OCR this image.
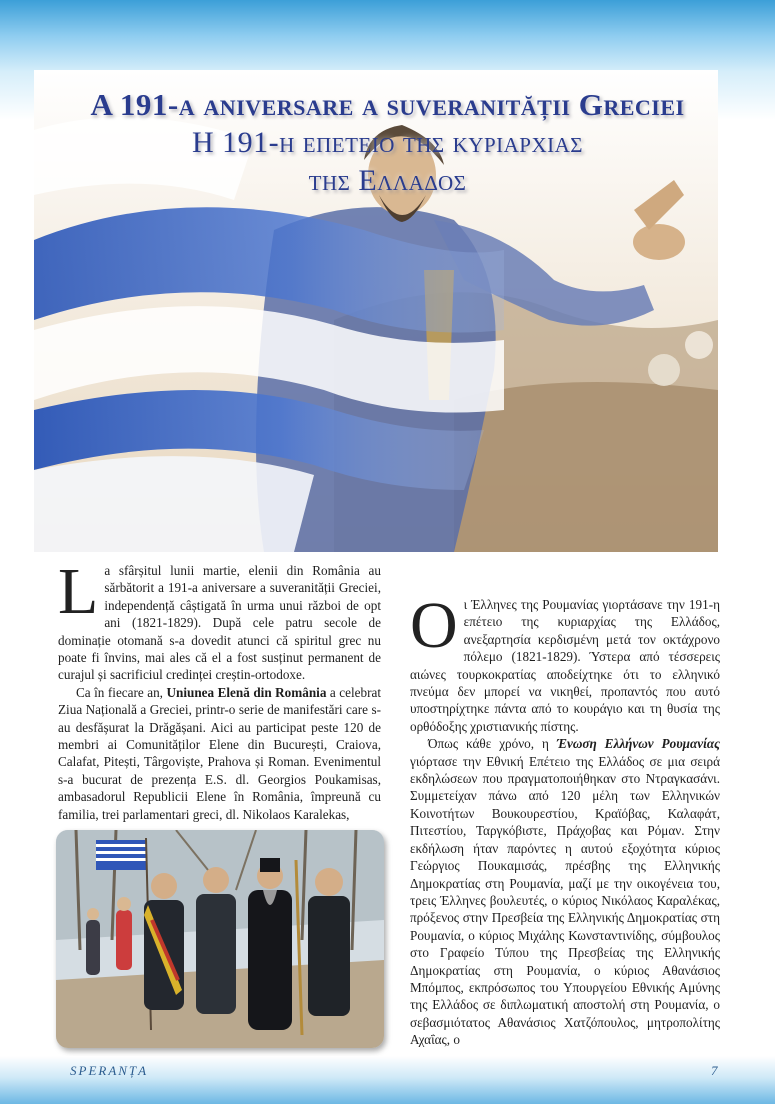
A 191-a aniversare a suveranității Greciei
Η 191-η επετειο της κυριαρχιας
της Ελλαδος

La sfârșitul lunii martie, elenii din România au sărbătorit a 191-a aniversare a suveranității Greciei, independență câștigată în urma unui război de opt ani (1821-1829). După cele patru secole de dominație otomană s-a dovedit atunci că spiritul grec nu poate fi învins, mai ales că el a fost susținut permanent de curajul și sacrificiul credinței creștin-ortodoxe.

Ca în fiecare an, Uniunea Elenă din România a celebrat Ziua Națională a Greciei, printr-o serie de manifestări care s-au desfășurat la Drăgășani. Aici au participat peste 120 de membri ai Comunităților Elene din București, Craiova, Calafat, Pitești, Târgoviște, Prahova și Roman. Evenimentul s-a bucurat de prezența E.S. dl. Georgios Poukamisas, ambasadorul Republicii Elene în România, împreună cu familia, trei parlamentari greci, dl. Nikolaos Karalekas,

Οι Έλληνες της Ρουμανίας γιορτάσανε την 191-η επέτειο της κυριαρχίας της Ελλάδος, ανεξαρτησία κερδισμένη μετά τον οκτάχρονο πόλεμο (1821-1829). Ύστερα από τέσσερεις αιώνες τουρκοκρατίας αποδείχτηκε ότι το ελληνικό πνεύμα δεν μπορεί να νικηθεί, προπαντός που αυτό υποστηρίχτηκε πάντα από το κουράγιο και τη θυσία της ορθόδοξης χριστιανικής πίστης.

Όπως κάθε χρόνο, η Ένωση Ελλήνων Ρουμανίας γιόρτασε την Εθνική Επέτειο της Ελλάδος σε μια σειρά εκδηλώσεων που πραγματοποιήθηκαν στο Ντραγκασάνι. Συμμετείχαν πάνω από 120 μέλη των Ελληνικών Κοινοτήτων Βουκουρεστίου, Κραϊόβας, Καλαφάτ, Πιτεστίου, Ταργκόβιστε, Πράχοβας και Ρόμαν. Στην εκδήλωση ήταν παρόντες η αυτού εξοχότητα κύριος Γεώργιος Πουκαμισάς, πρέσβης της Ελληνικής Δημοκρατίας στη Ρουμανία, μαζί με την οικογένεια του, τρεις Έλληνες βουλευτές, ο κύριος Νικόλαος Καραλέκας, πρόξενος στην Πρεσβεία της Ελληνικής Δημοκρατίας στη Ρουμανία, ο κύριος Μιχάλης Κωνσταντινίδης, σύμβουλος στο Γραφείο Τύπου της Πρεσβείας της Ελληνικής Δημοκρατίας στη Ρουμανία, ο κύριος Αθανάσιος Μπόμπος, εκπρόσωπος του Υπουργείου Εθνικής Αμύνης της Ελλάδος σε διπλωματική αποστολή στη Ρουμανία, ο σεβασμιότατος Αθανάσιος Χατζόπουλος, μητροπολίτης Αχαΐας, ο

SPERANȚA	7
